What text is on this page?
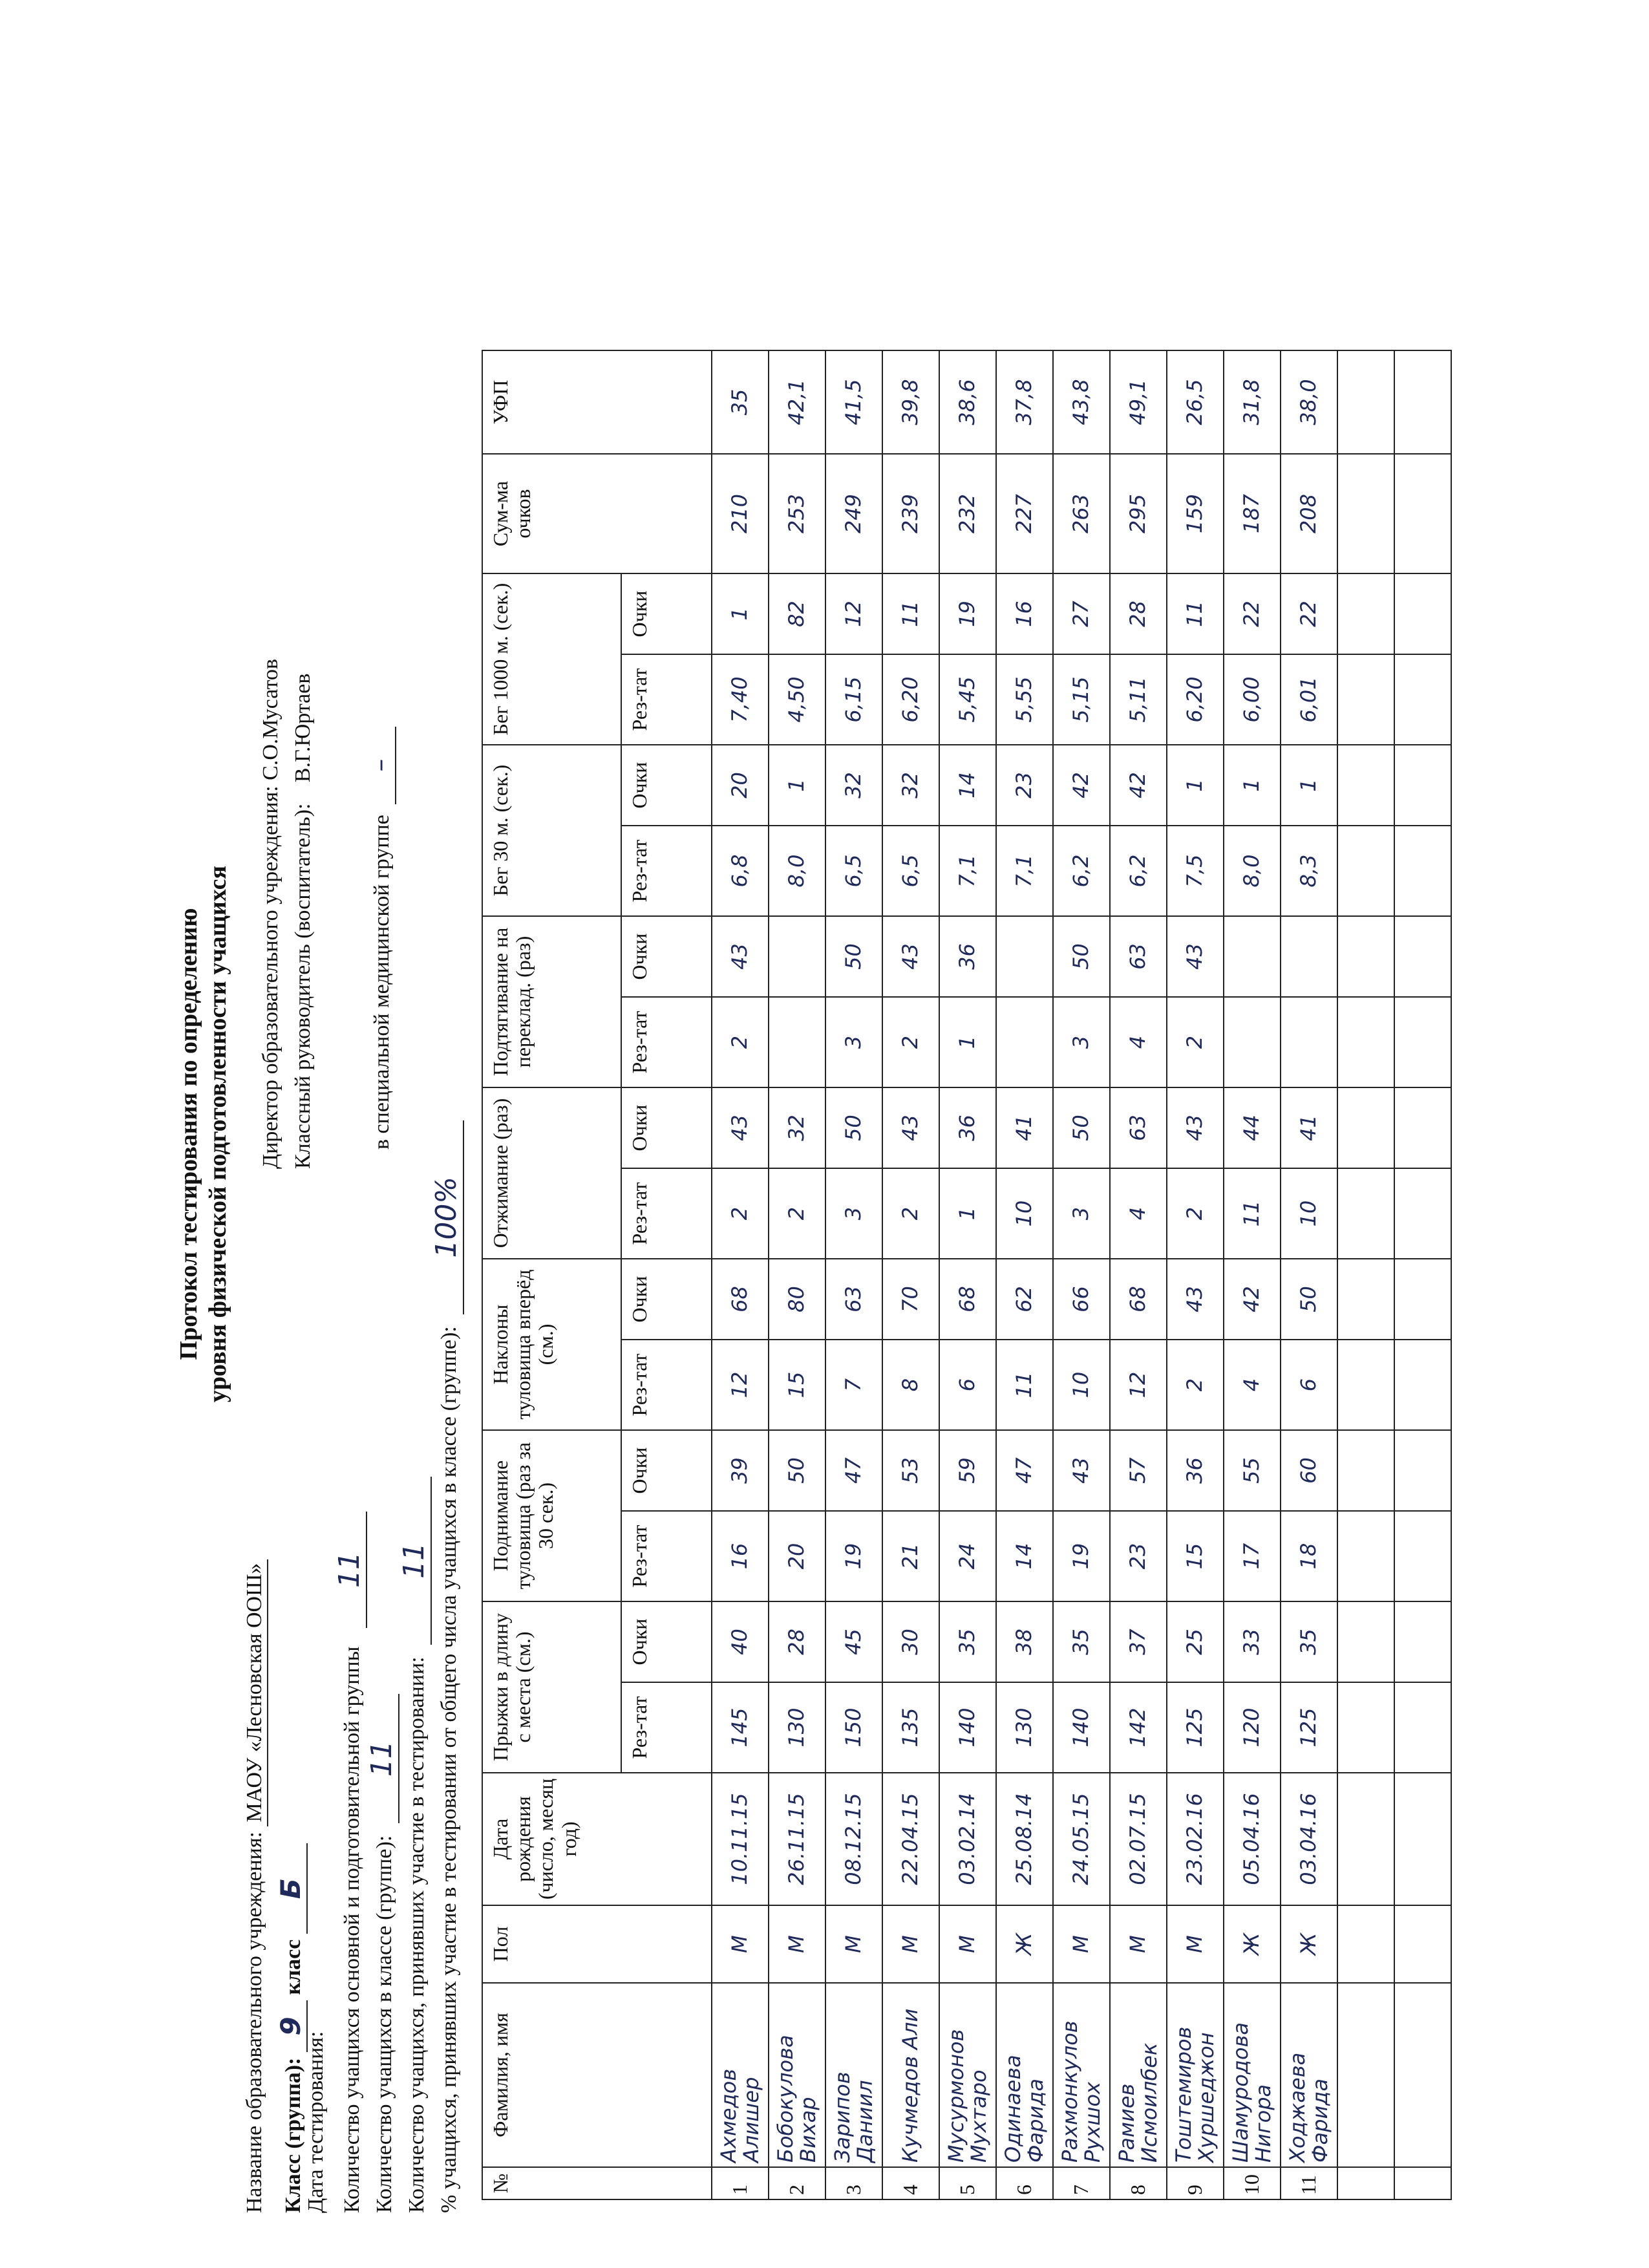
Протокол тестирования по определению уровня физической подготовленности учащихся
Название образовательного учреждения: МАОУ «Лесновская ООШ»
Директор образовательного учреждения: С.О.Мусатов
Класс (группа): 9 класс Б
Дата тестирования:
Классный руководитель (воспитатель): В.Г.Юртаев
Количество учащихся основной и подготовительной группы 11
Количество учащихся в классе (группе): 11
в специальной медицинской группе –
Количество учащихся, принявших участие в тестировании: 11 % учащихся, принявших участие в тестировании от общего числа учащихся в классе (группе): 100%
№	Фамилия, имя	Пол	Дата рождения (число, месяц год)	Прыжки в длину с места (см.)		Поднимание туловища (раз за 30 сек.)		Наклоны туловища вперёд (см.)		Отжимание (раз)		Подтягивание на переклад. (раз)		Бег 30 м. (сек.)		Бег 1000 м. (сек.)		Сум-ма очков	УФП
				Рез-тат	Очки	Рез-тат	Очки	Рез-тат	Очки	Рез-тат	Очки	Рез-тат	Очки	Рез-тат	Очки	Рез-тат	Очки		
1	Ахмедов Алишер	М	10.11.15	145	40	16	39	12	68	2	43	2	43	6,8	20	7,40	1	210	35
2	Бобокулова Вихар	М	26.11.15	130	28	20	50	15	80	2	32			8,0	1	4,50	82	253	42,1
3	Зарипов Даниил	М	08.12.15	150	45	19	47	7	63	3	50	3	50	6,5	32	6,15	12	249	41,5
4	Кучмедов Али	М	22.04.15	135	30	21	53	8	70	2	43	2	43	6,5	32	6,20	11	239	39,8
5	Мусурмонов Мухтаро	М	03.02.14	140	35	24	59	6	68	1	36	1	36	7,1	14	5,45	19	232	38,6
6	Одинаева Фарида	Ж	25.08.14	130	38	14	47	11	62	10	41			7,1	23	5,55	16	227	37,8
7	Рахмонкулов Рухшох	М	24.05.15	140	35	19	43	10	66	3	50	3	50	6,2	42	5,15	27	263	43,8
8	Рамиев Исмоилбек	М	02.07.15	142	37	23	57	12	68	4	63	4	63	6,2	42	5,11	28	295	49,1
9	Тоштемиров Хуршеджон	М	23.02.16	125	25	15	36	2	43	2	43	2	43	7,5	1	6,20	11	159	26,5
10	Шамуродова Нигора	Ж	05.04.16	120	33	17	55	4	42	11	44			8,0	1	6,00	22	187	31,8
11	Ходжаева Фарида	Ж	03.04.16	125	35	18	60	6	50	10	41			8,3	1	6,01	22	208	38,0
